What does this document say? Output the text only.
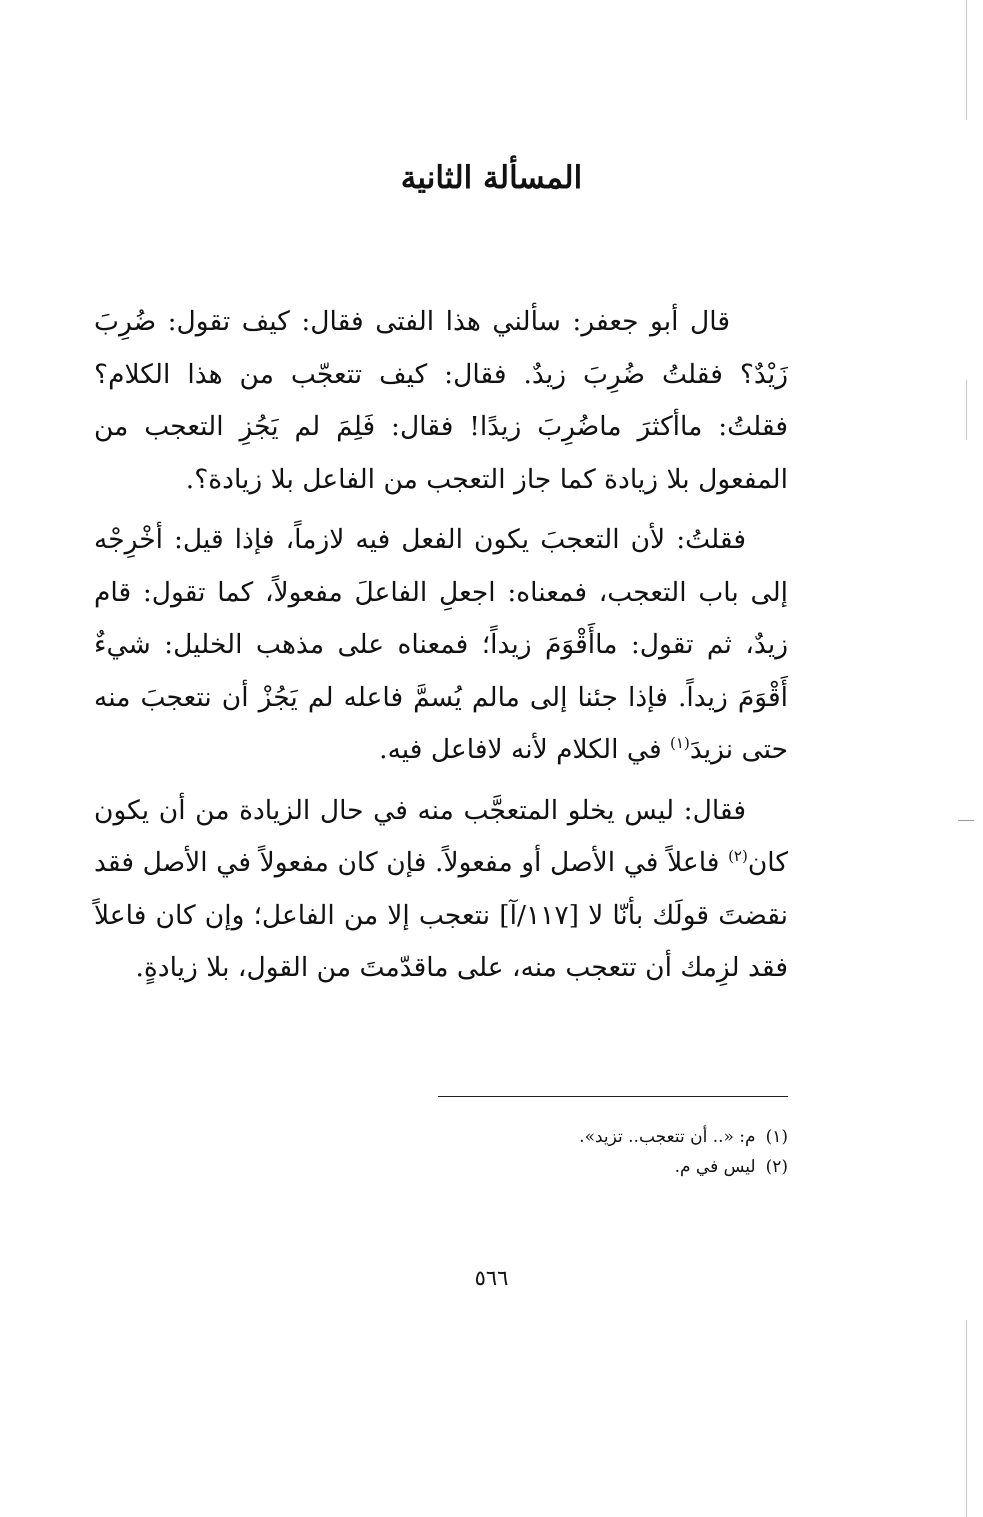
المسألة الثانية

قال أبو جعفر: سألني هذا الفتى فقال: كيف تقول: ضُرِبَ زَيْدٌ؟ فقلتُ ضُرِبَ زيدٌ. فقال: كيف تتعجّب من هذا الكلام؟ فقلتُ: ماأكثرَ ماضُرِبَ زيدًا! فقال: فَلِمَ لم يَجُزِ التعجب من المفعول بلا زيادة كما جاز التعجب من الفاعل بلا زيادة؟.

فقلتُ: لأن التعجبَ يكون الفعل فيه لازماً، فإذا قيل: أخْرِجْه إلى باب التعجب، فمعناه: اجعلِ الفاعلَ مفعولاً، كما تقول: قام زيدٌ، ثم تقول: ماأَقْوَمَ زيداً؛ فمعناه على مذهب الخليل: شيءٌ أَقْوَمَ زيداً. فإذا جئنا إلى مالم يُسمَّ فاعله لم يَجُزْ أن نتعجبَ منه حتى نزيدَ$^{(١)}$ في الكلام لأنه لافاعل فيه.

فقال: ليس يخلو المتعجَّب منه في حال الزيادة من أن يكون كان$^{(٢)}$ فاعلاً في الأصل أو مفعولاً. فإن كان مفعولاً في الأصل فقد نقضتَ قولَك بأنّا لا [١١٧/آ] نتعجب إلا من الفاعل؛ وإن كان فاعلاً فقد لزِمك أن تتعجب منه، على ماقدّمتَ من القول، بلا زيادةٍ.

(١)م: «.. أن تتعجب.. تزيد».

(٢)ليس في م.

٥٦٦
